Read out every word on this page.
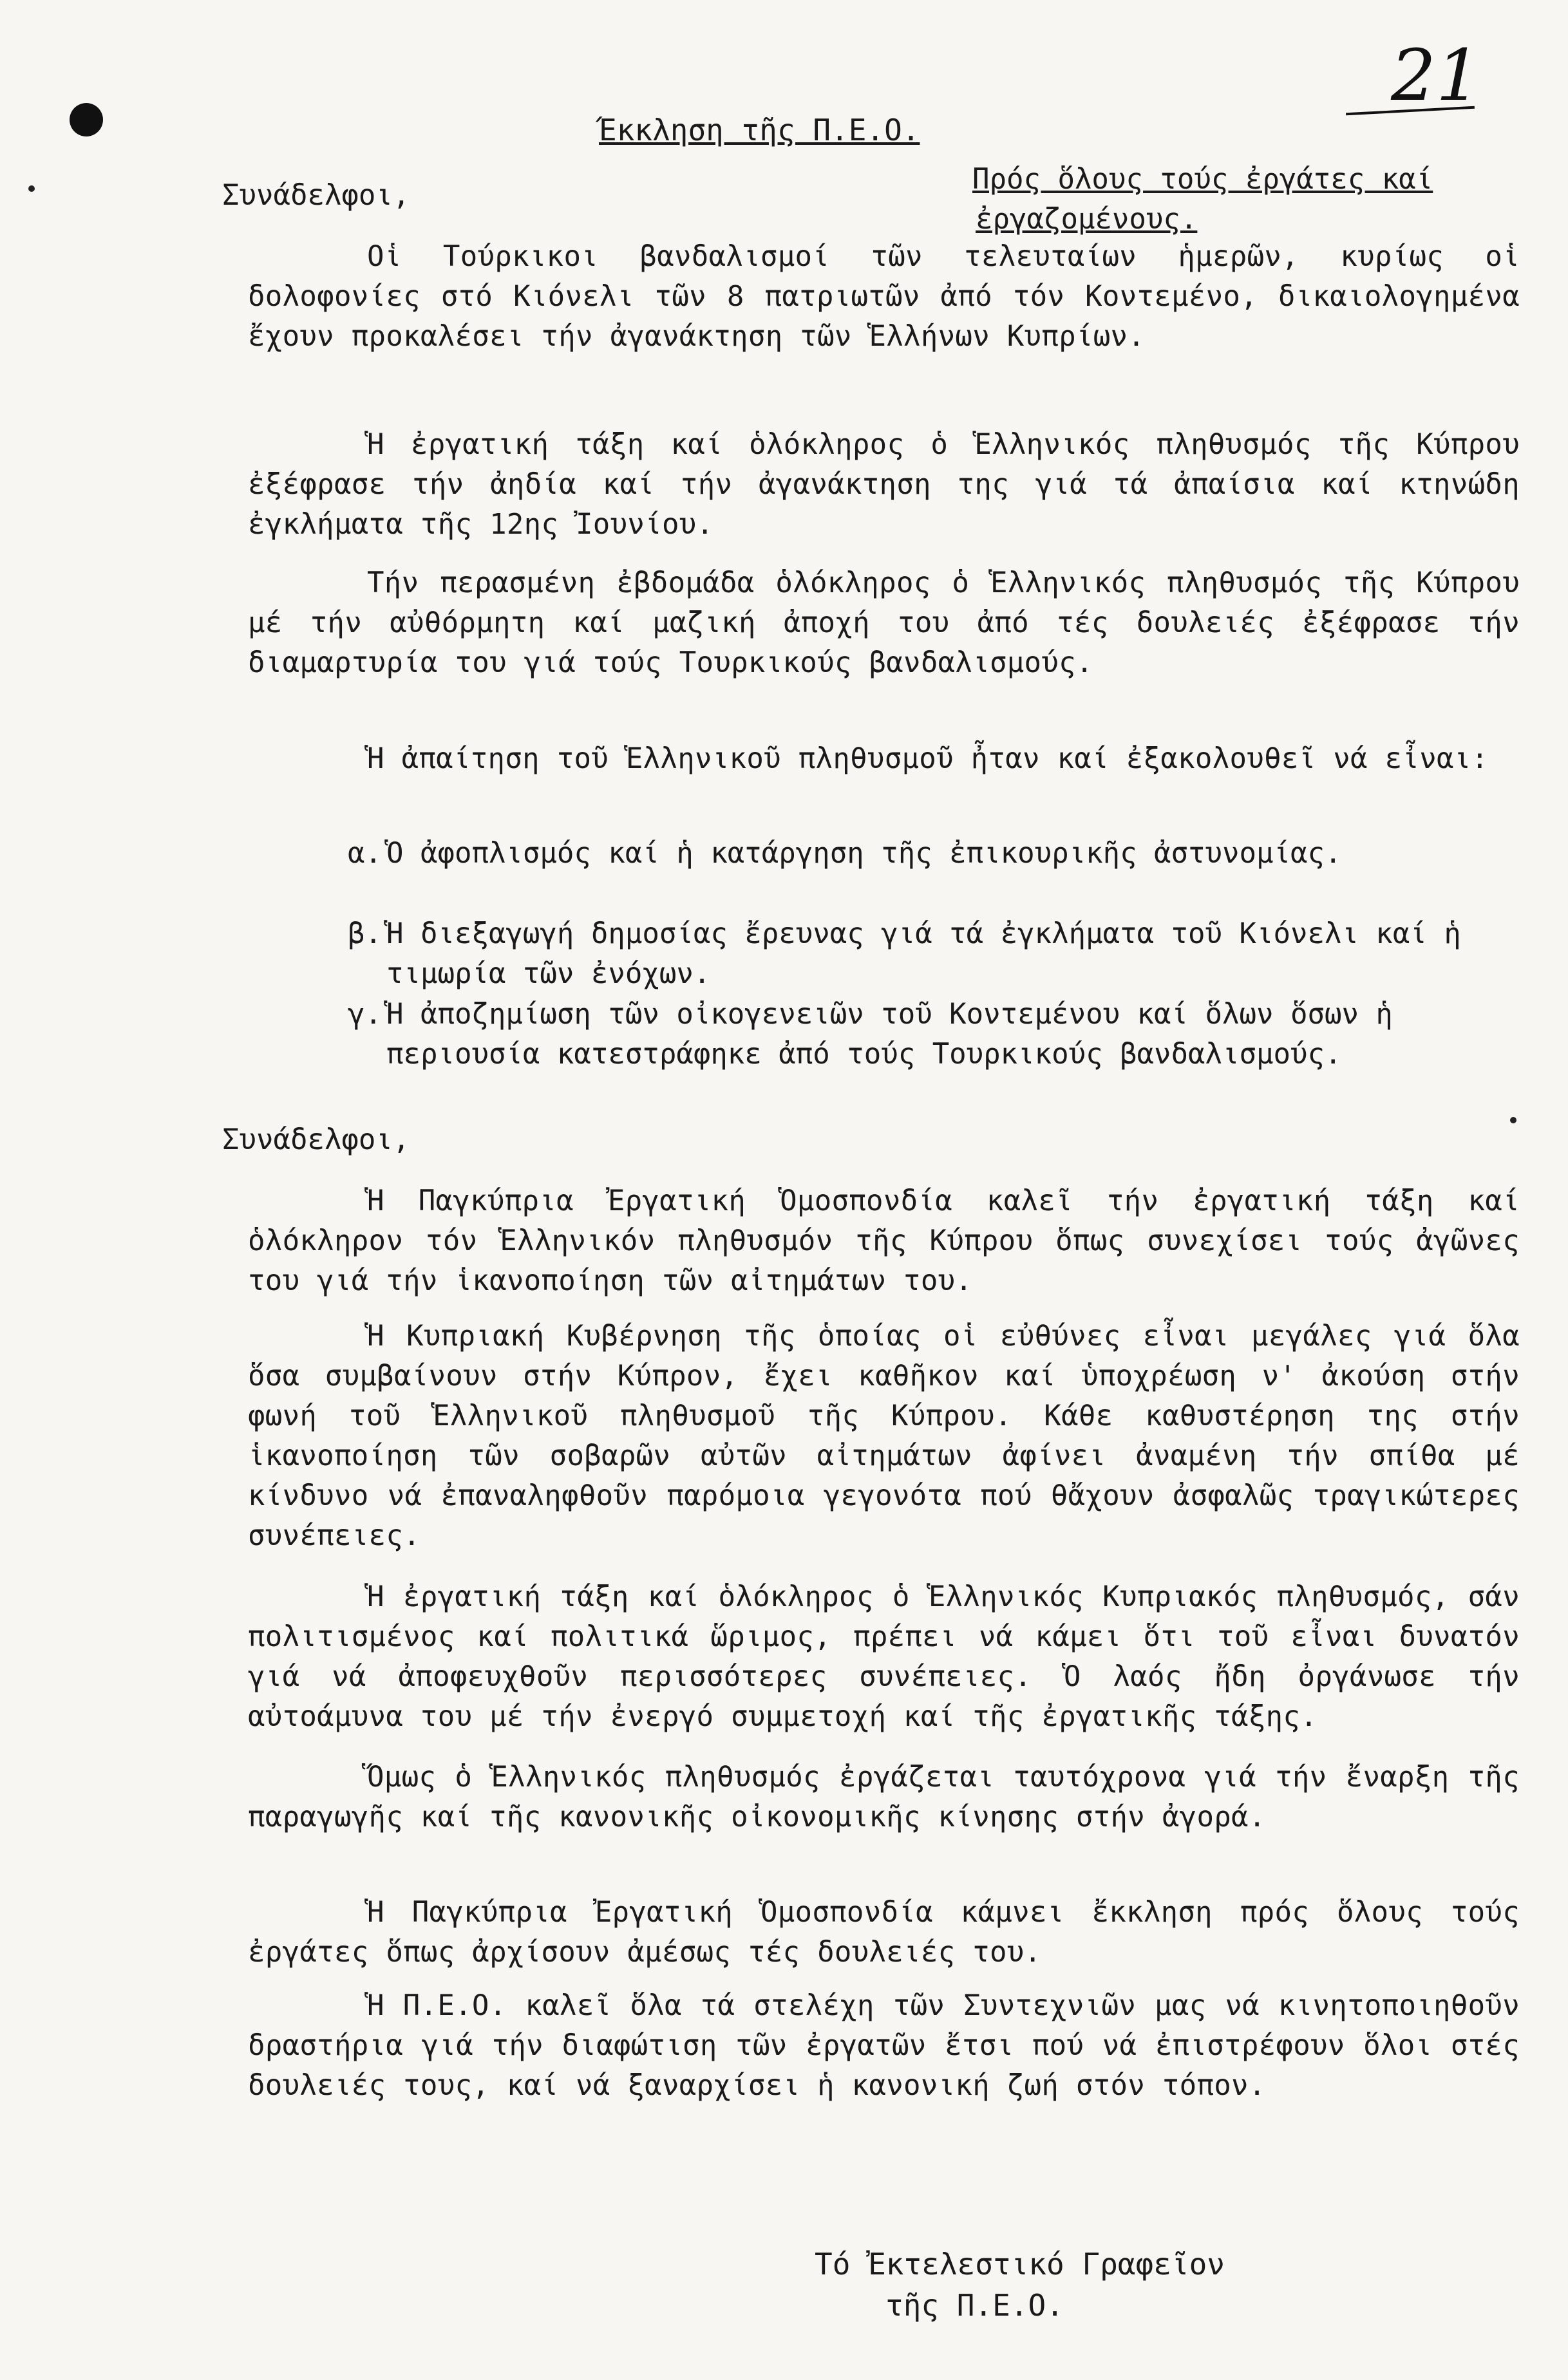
21
Έκκληση τῆς Π.Ε.Ο.
Πρός ὅλους τούς ἐργάτες καί
ἐργαζομένους.
Συνάδελφοι,
Οἱ Τούρκικοι βανδαλισμοί τῶν τελευταίων ἡμερῶν, κυρίως οἱ δολοφονίες στό Κιόνελι τῶν 8 πατριωτῶν ἀπό τόν Κοντεμένο, δικαιολογημένα ἔχουν προκαλέσει τήν ἀγανάκτηση τῶν Ἑλλήνων Κυπρίων.
Ἡ ἐργατική τάξη καί ὁλόκληρος ὁ Ἑλληνικός πληθυσμός τῆς Κύπρου ἐξέφρασε τήν ἀηδία καί τήν ἀγανάκτηση της γιά τά ἀπαίσια καί κτηνώδη ἐγκλήματα τῆς 12ης Ἰουνίου.
Τήν περασμένη ἐβδομάδα ὁλόκληρος ὁ Ἑλληνικός πληθυσμός τῆς Κύπρου μέ τήν αὐθόρμητη καί μαζική ἀποχή του ἀπό τές δουλειές ἐξέφρασε τήν διαμαρτυρία του γιά τούς Τουρκικούς βανδαλισμούς.
Ἡ ἀπαίτηση τοῦ Ἑλληνικοῦ πληθυσμοῦ ἦταν καί ἐξακολουθεῖ νά εἶναι:
α. Ὁ ἀφοπλισμός καί ἡ κατάργηση τῆς ἐπικουρικῆς ἀστυνομίας.
β. Ἡ διεξαγωγή δημοσίας ἔρευνας γιά τά ἐγκλήματα τοῦ Κιόνελι καί ἡ τιμωρία τῶν ἐνόχων.
γ. Ἡ ἀποζημίωση τῶν οἰκογενειῶν τοῦ Κοντεμένου καί ὅλων ὅσων ἡ περιουσία κατεστράφηκε ἀπό τούς Τουρκικούς βανδαλισμούς.
Συνάδελφοι,
Ἡ Παγκύπρια Ἐργατική Ὁμοσπονδία καλεῖ τήν ἐργατική τάξη καί ὁλόκληρον τόν Ἑλληνικόν πληθυσμόν τῆς Κύπρου ὅπως συνεχίσει τούς ἀγῶνες του γιά τήν ἱκανοποίηση τῶν αἰτημάτων του.
Ἡ Κυπριακή Κυβέρνηση τῆς ὁποίας οἱ εὐθύνες εἶναι μεγάλες γιά ὅλα ὅσα συμβαίνουν στήν Κύπρον, ἔχει καθῆκον καί ὑποχρέωση ν' ἀκούση στήν φωνή τοῦ Ἑλληνικοῦ πληθυσμοῦ τῆς Κύπρου. Κάθε καθυστέρηση της στήν ἱκανοποίηση τῶν σοβαρῶν αὐτῶν αἰτημάτων ἀφίνει ἀναμένη τήν σπίθα μέ κίνδυνο νά ἐπαναληφθοῦν παρόμοια γεγονότα πού θἄχουν ἀσφαλῶς τραγικώτερες συνέπειες.
Ἡ ἐργατική τάξη καί ὁλόκληρος ὁ Ἑλληνικός Κυπριακός πληθυσμός, σάν πολιτισμένος καί πολιτικά ὥριμος, πρέπει νά κάμει ὅτι τοῦ εἶναι δυνατόν γιά νά ἀποφευχθοῦν περισσότερες συνέπειες. Ὁ λαός ἤδη ὀργάνωσε τήν αὐτοάμυνα του μέ τήν ἐνεργό συμμετοχή καί τῆς ἐργατικῆς τάξης.
Ὅμως ὁ Ἑλληνικός πληθυσμός ἐργάζεται ταυτόχρονα γιά τήν ἔναρξη τῆς παραγωγῆς καί τῆς κανονικῆς οἰκονομικῆς κίνησης στήν ἀγορά.
Ἡ Παγκύπρια Ἐργατική Ὁμοσπονδία κάμνει ἔκκληση πρός ὅλους τούς ἐργάτες ὅπως ἀρχίσουν ἀμέσως τές δουλειές του.
Ἡ Π.Ε.Ο. καλεῖ ὅλα τά στελέχη τῶν Συντεχνιῶν μας νά κινητοποιηθοῦν δραστήρια γιά τήν διαφώτιση τῶν ἐργατῶν ἔτσι πού νά ἐπιστρέφουν ὅλοι στές δουλειές τους, καί νά ξαναρχίσει ἡ κανονική ζωή στόν τόπον.
Τό Ἐκτελεστικό Γραφεῖον
τῆς Π.Ε.Ο.
